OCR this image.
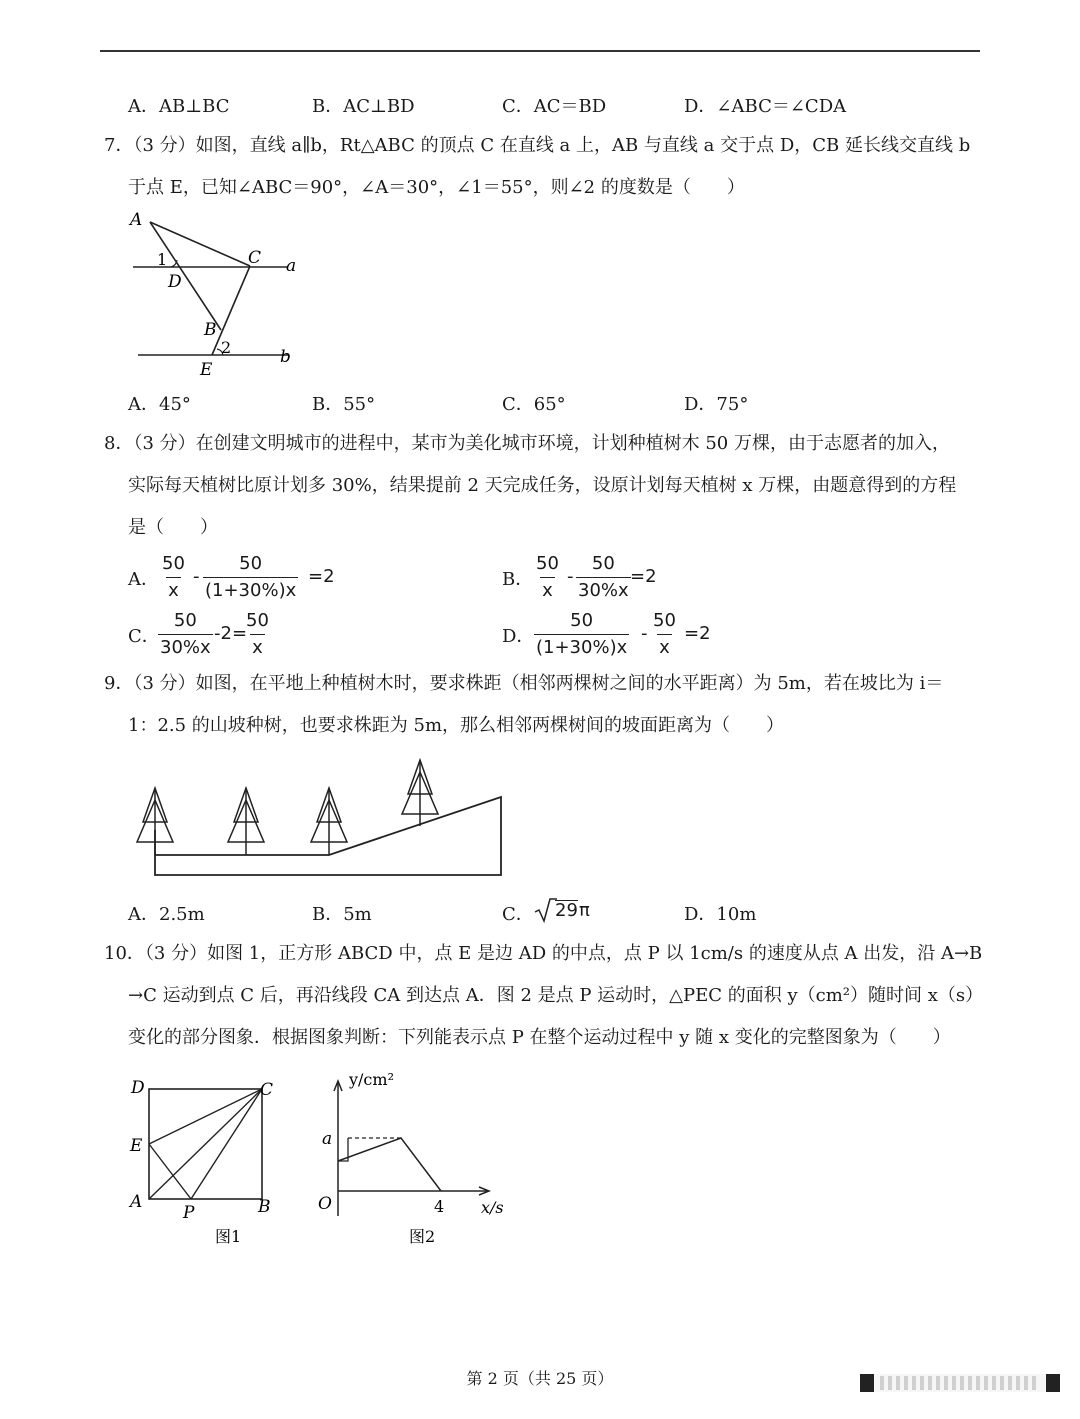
A．AB⊥BC	B．AC⊥BD	C．AC＝BD	D．∠ABC＝∠CDA
7．（3 分）如图，直线 a∥b，Rt△ABC 的顶点 C 在直线 a 上，AB 与直线 a 交于点 D，CB 延长线交直线 b
于点 E，已知∠ABC＝90°，∠A＝30°，∠1＝55°，则∠2 的度数是（　　）
A
1	C a
D
B
2	b
E
A．45°	B．55°	C．65°	D．75°
8．（3 分）在创建文明城市的进程中，某市为美化城市环境，计划种植树木 50 万棵，由于志愿者的加入，
实际每天植树比原计划多 30%，结果提前 2 天完成任务，设原计划每天植树 x 万棵，由题意得到的方程
是（　　）
A． $\frac{50}{x} - \frac{50}{(1+30\%)x} =2$	B． $\frac{50}{x} - \frac{50}{30\%x} =2$
C．
$\frac{50}{30\%x} -2=$
$\frac{50}{x}$	D． $\frac{50}{(1+30\%)x} - \frac{50}{x} =2$
9．（3 分）如图，在平地上种植树木时，要求株距（相邻两棵树之间的水平距离）为 5m，若在坡比为 i＝
1：2.5 的山坡种树，也要求株距为 5m，那么相邻两棵树间的坡面距离为（　　）
A．2.5m	B．5m	C． 29 π	D．10m
10．（3 分）如图 1，正方形 ABCD 中，点 E 是边 AD 的中点，点 P 以 1cm/s 的速度从点 A 出发，沿 A→B
→C 运动到点 C 后，再沿线段 CA 到达点 A．图 2 是点 P 运动时，△PEC 的面积 y（cm²）随时间 x（s）
变化的部分图象．根据图象判断：下列能表示点 P 在整个运动过程中 y 随 x 变化的完整图象为（　　）
D	C
E
A
P	B
图1
y/cm²
a
O	4 x/s
图2
第 2 页（共 25 页）
